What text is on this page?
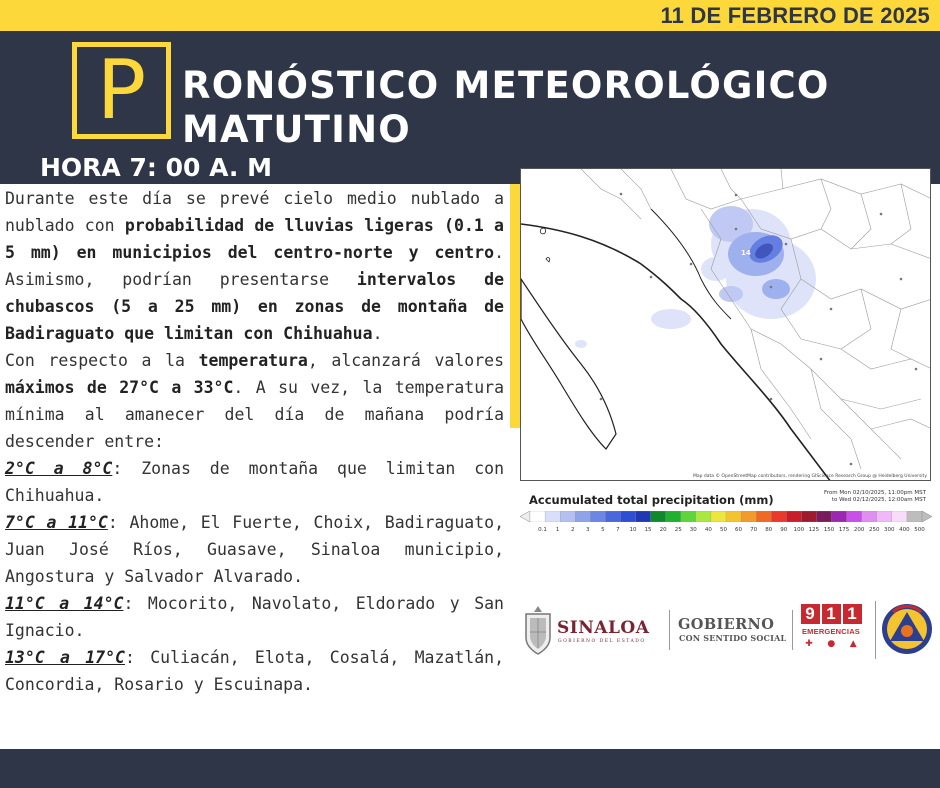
11 DE FEBRERO DE 2025
P RONÓSTICO METEOROLÓGICO
MATUTINO
HORA 7: 00 A. M

Durante este día se prevé cielo medio nublado a nublado con probabilidad de lluvias ligeras (0.1 a 5 mm) en municipios del centro-norte y centro. Asimismo, podrían presentarse intervalos de chubascos (5 a 25 mm) en zonas de montaña de Badiraguato que limitan con Chihuahua.

Con respecto a la temperatura, alcanzará valores máximos de 27°C a 33°C. A su vez, la temperatura mínima al amanecer del día de mañana podría descender entre:

2°C a 8°C: Zonas de montaña que limitan con Chihuahua.

7°C a 11°C: Ahome, El Fuerte, Choix, Badiraguato, Juan José Ríos, Guasave, Sinaloa municipio, Angostura y Salvador Alvarado.

11°C a 14°C: Mocorito, Navolato, Eldorado y San Ignacio.

13°C a 17°C: Culiacán, Elota, Cosalá, Mazatlán, Concordia, Rosario y Escuinapa.

14
Map data © OpenStreetMap contributors, rendering GIScience Research Group @ Heidelberg University
Accumulated total precipitation (mm)	From Mon 02/10/2025, 11:00pm MST
to Wed 02/12/2025, 12:00am MST
0.1 1 2 3 5 7 10 15 20 25 30 40 50 60 70 80 90 100 125 150 175 200 250 300 400 500
SINALOA
GOBIERNO DEL ESTADO
GOBIERNO
CON SENTIDO SOCIAL
9 1 1
EMERGENCIAS
✚ ● ▲
